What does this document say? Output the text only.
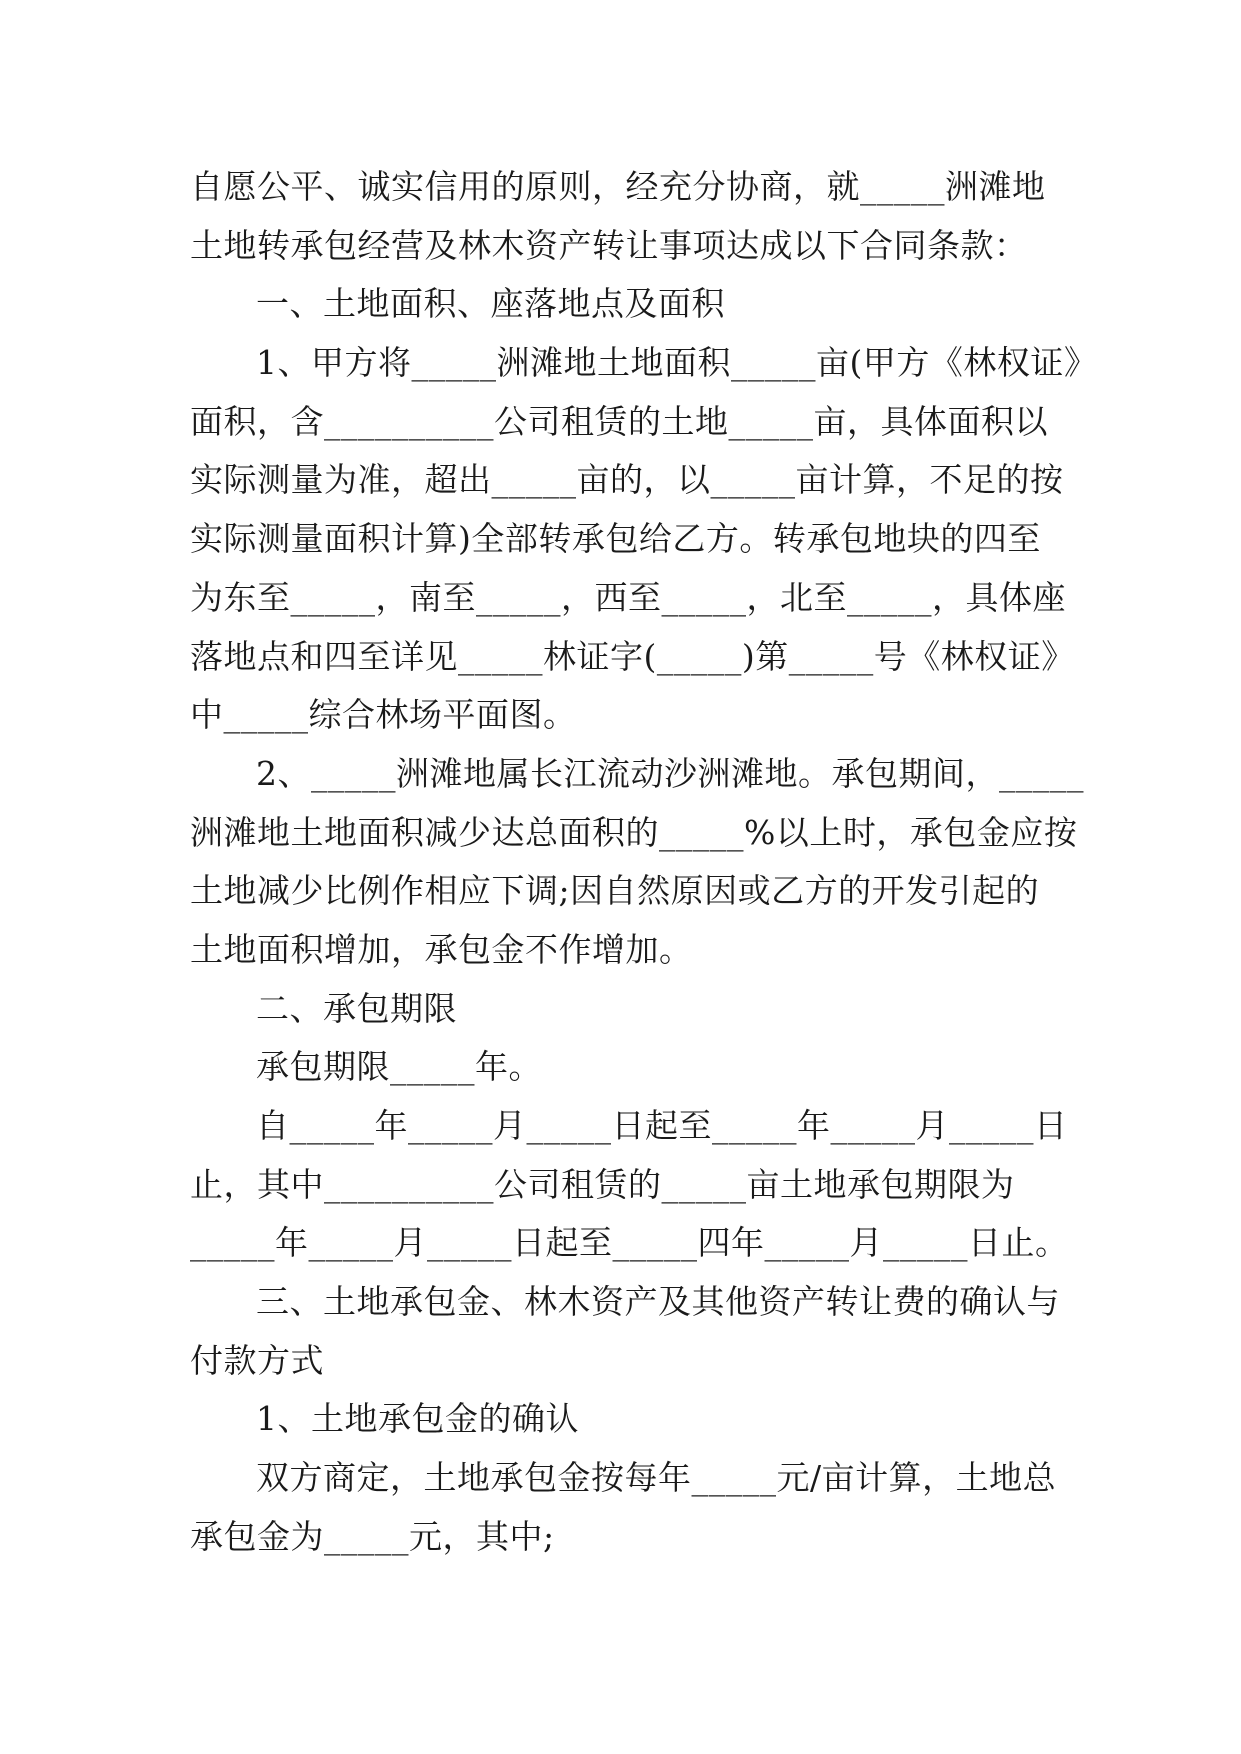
自愿公平、诚实信用的原则，经充分协商，就_____洲滩地
土地转承包经营及林木资产转让事项达成以下合同条款：
一、土地面积、座落地点及面积
1、甲方将_____洲滩地土地面积_____亩(甲方《林权证》
面积，含__________公司租赁的土地_____亩，具体面积以
实际测量为准，超出_____亩的，以_____亩计算，不足的按
实际测量面积计算)全部转承包给乙方。转承包地块的四至
为东至_____，南至_____，西至_____，北至_____，具体座
落地点和四至详见_____林证字(_____)第_____号《林权证》
中_____综合林场平面图。
2、_____洲滩地属长江流动沙洲滩地。承包期间，_____
洲滩地土地面积减少达总面积的_____%以上时，承包金应按
土地减少比例作相应下调;因自然原因或乙方的开发引起的
土地面积增加，承包金不作增加。
二、承包期限
承包期限_____年。
自_____年_____月_____日起至_____年_____月_____日
止，其中__________公司租赁的_____亩土地承包期限为
_____年_____月_____日起至_____四年_____月_____日止。
三、土地承包金、林木资产及其他资产转让费的确认与
付款方式
1、土地承包金的确认
双方商定，土地承包金按每年_____元/亩计算，土地总
承包金为_____元，其中;
